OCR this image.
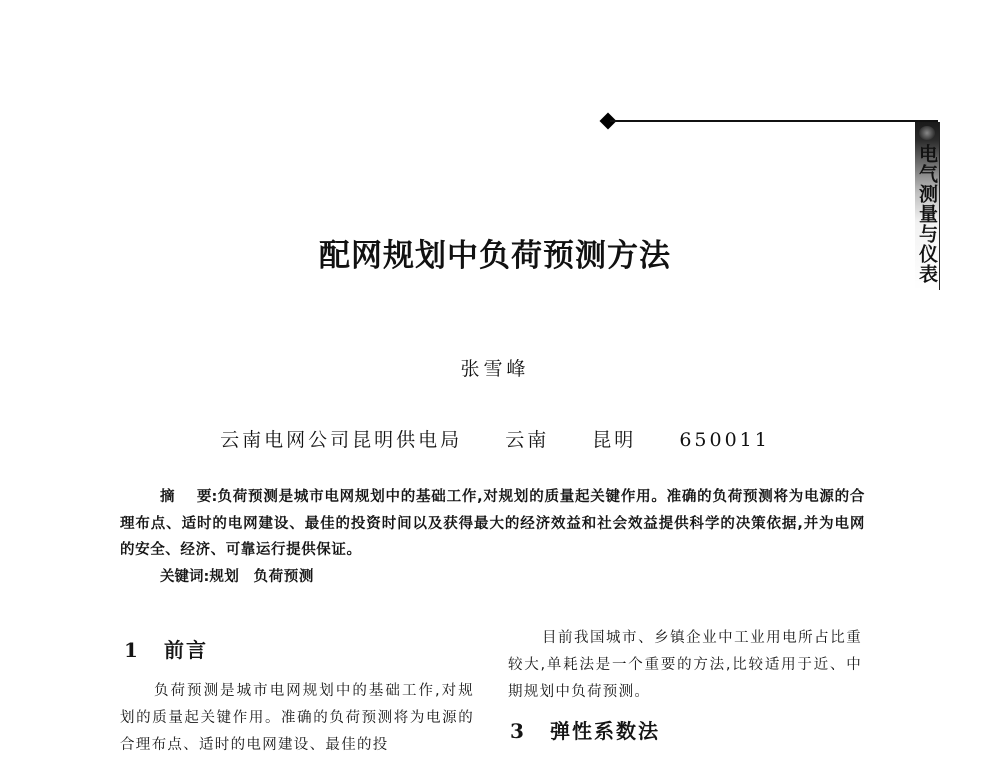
电气测量与仪表
配网规划中负荷预测方法
张雪峰
云南电网公司昆明供电局 云南 昆明 650011

摘 要:负荷预测是城市电网规划中的基础工作,对规划的质量起关键作用。准确的负荷预测将为电源的合理布点、适时的电网建设、最佳的投资时间以及获得最大的经济效益和社会效益提供科学的决策依据,并为电网的安全、经济、可靠运行提供保证。

关键词:规划 负荷预测

1	前言

负荷预测是城市电网规划中的基础工作,对规划的质量起关键作用。准确的负荷预测将为电源的合理布点、适时的电网建设、最佳的投

目前我国城市、乡镇企业中工业用电所占比重较大,单耗法是一个重要的方法,比较适用于近、中期规划中负荷预测。

3	弹性系数法
